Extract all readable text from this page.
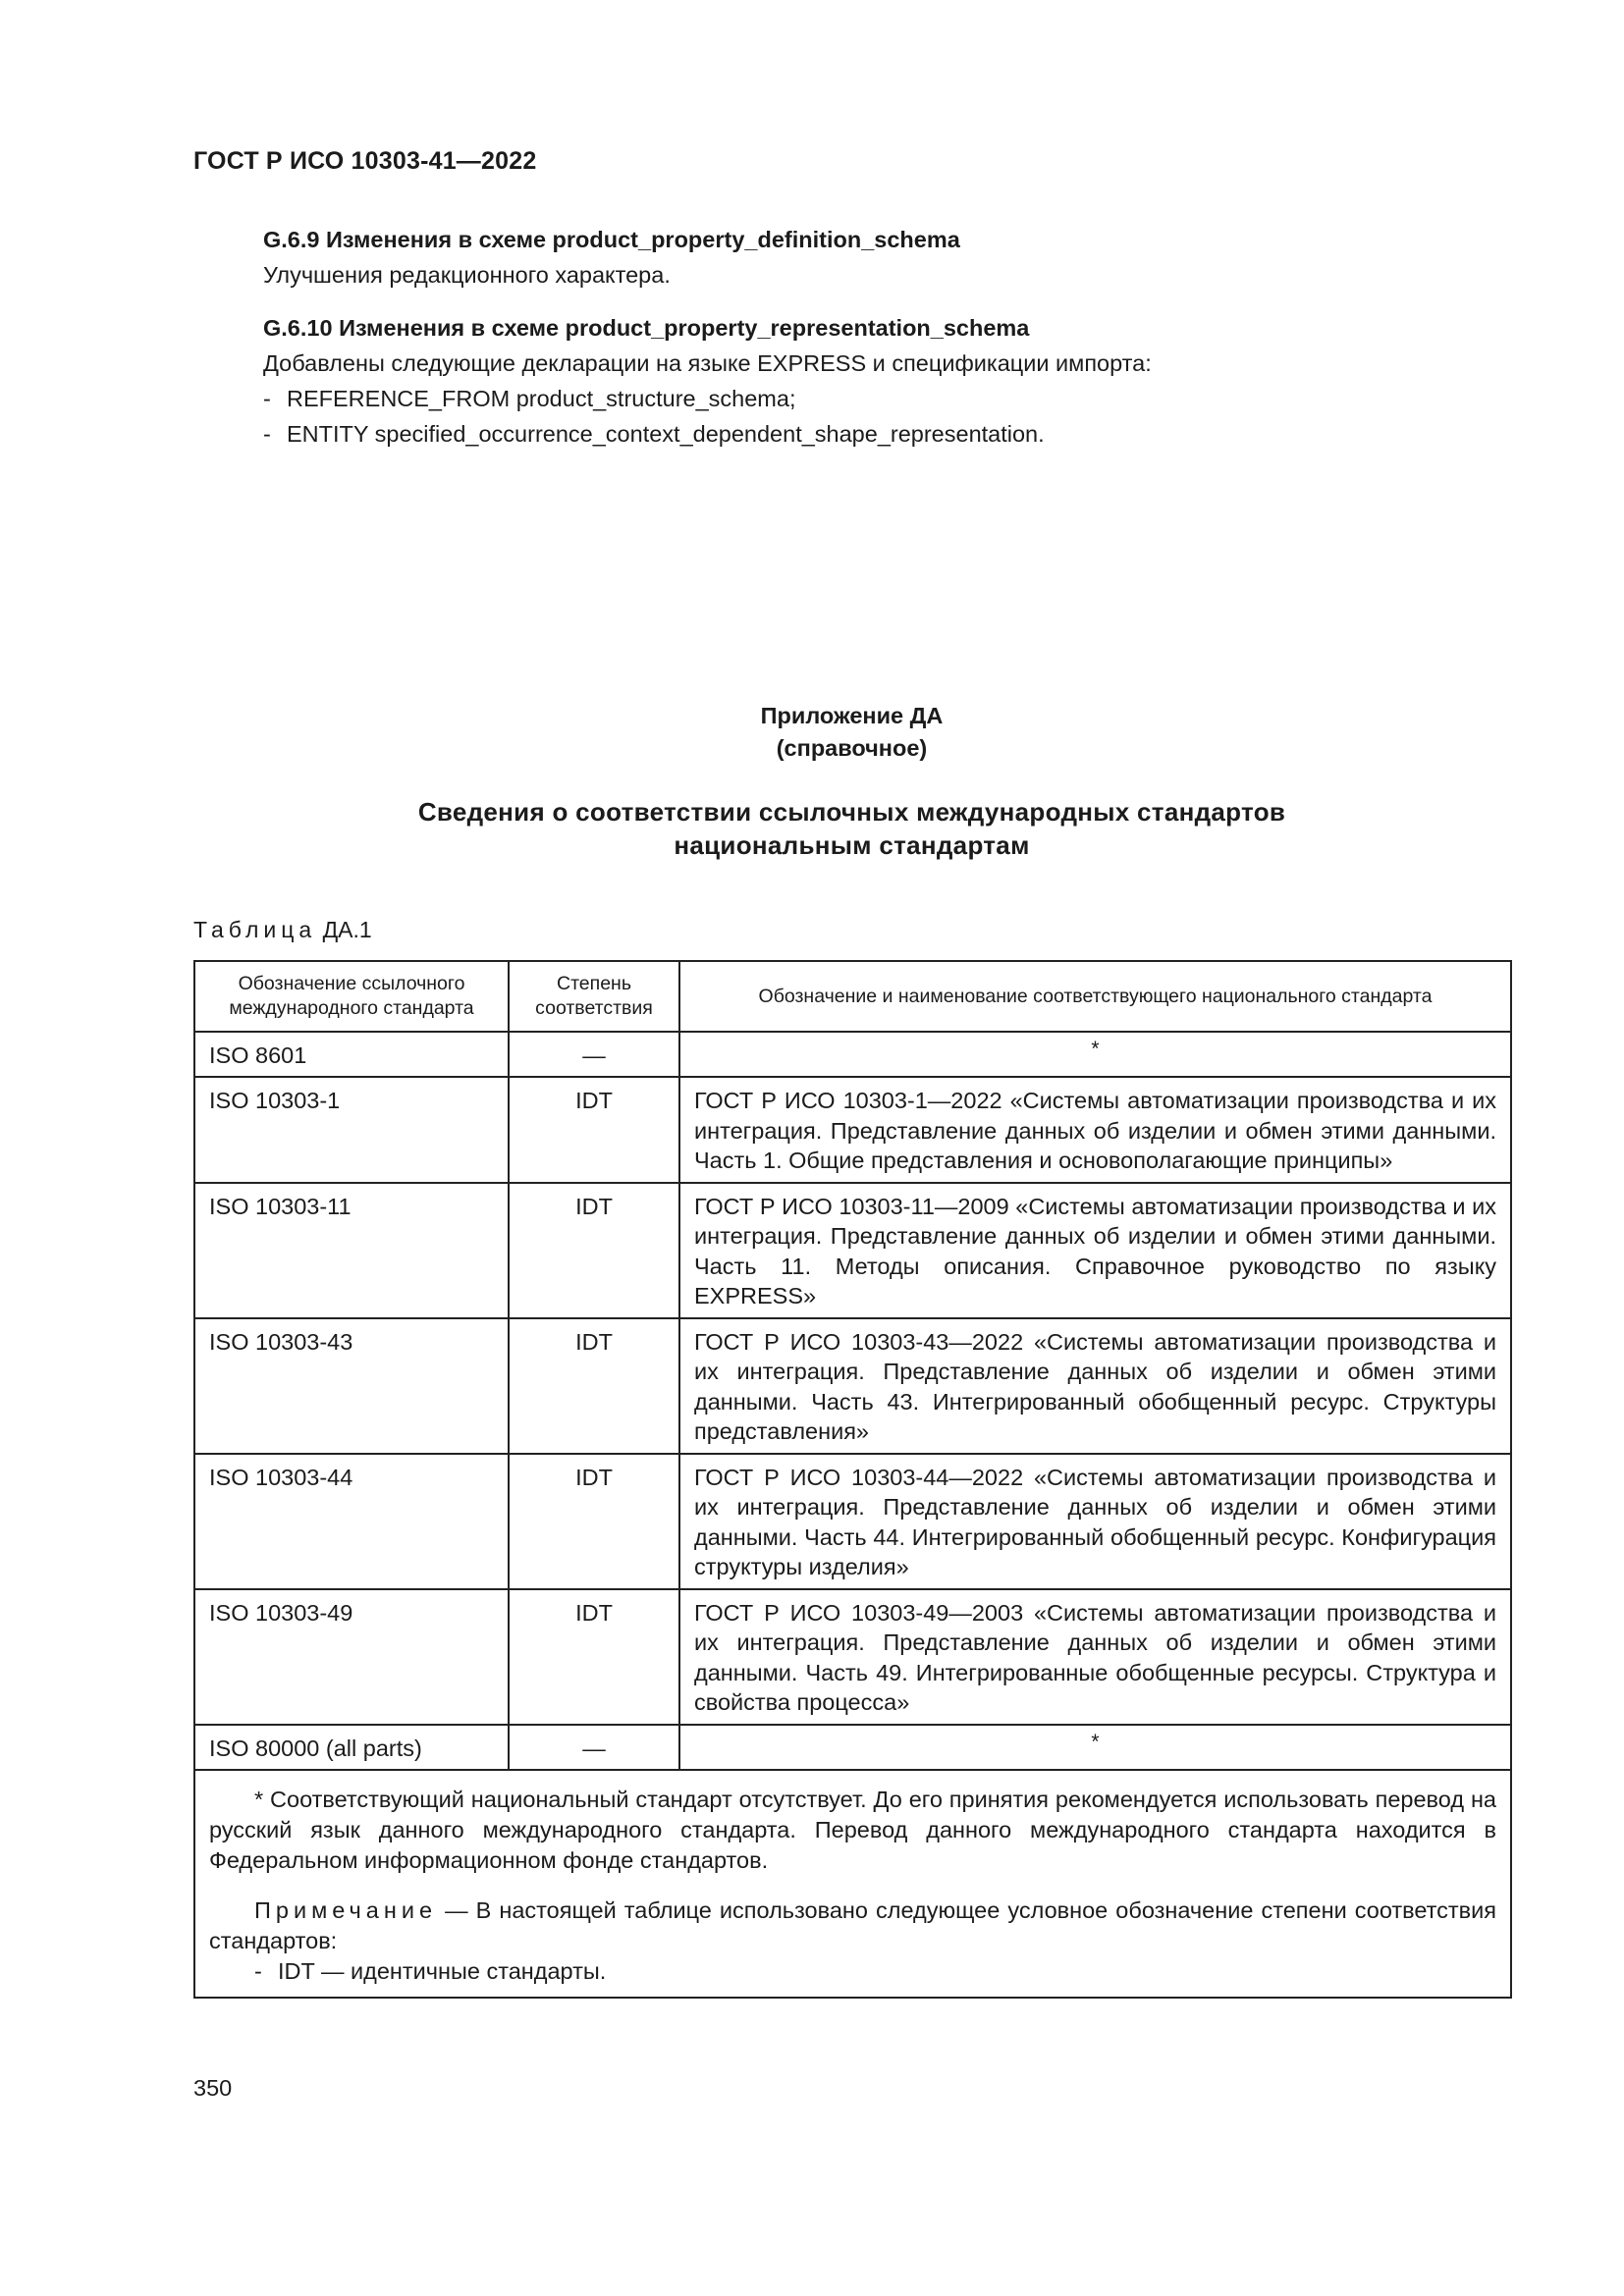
ГОСТ Р ИСО 10303-41—2022
G.6.9 Изменения в схеме product_property_definition_schema
Улучшения редакционного характера.
G.6.10 Изменения в схеме product_property_representation_schema
Добавлены следующие декларации на языке EXPRESS и спецификации импорта:
- REFERENCE_FROM product_structure_schema;
- ENTITY specified_occurrence_context_dependent_shape_representation.
Приложение ДА
(справочное)
Сведения о соответствии ссылочных международных стандартов
национальным стандартам
Таблица ДА.1
Обозначение ссылочного международного стандарта	Степень соответствия	Обозначение и наименование соответствующего национального стандарта
ISO 8601	—	*
ISO 10303-1	IDT	ГОСТ Р ИСО 10303-1—2022 «Системы автоматизации производства и их интеграция. Представление данных об изделии и обмен этими данными. Часть 1. Общие представления и основополагающие принципы»
ISO 10303-11	IDT	ГОСТ Р ИСО 10303-11—2009 «Системы автоматизации производства и их интеграция. Представление данных об изделии и обмен этими данными. Часть 11. Методы описания. Справочное руководство по языку EXPRESS»
ISO 10303-43	IDT	ГОСТ Р ИСО 10303-43—2022 «Системы автоматизации производства и их интеграция. Представление данных об изделии и обмен этими данными. Часть 43. Интегрированный обобщенный ресурс. Структуры представления»
ISO 10303-44	IDT	ГОСТ Р ИСО 10303-44—2022 «Системы автоматизации производства и их интеграция. Представление данных об изделии и обмен этими данными. Часть 44. Интегрированный обобщенный ресурс. Конфигурация структуры изделия»
ISO 10303-49	IDT	ГОСТ Р ИСО 10303-49—2003 «Системы автоматизации производства и их интеграция. Представление данных об изделии и обмен этими данными. Часть 49. Интегрированные обобщенные ресурсы. Структура и свойства процесса»
ISO 80000 (all parts)	—	*

* Соответствующий национальный стандарт отсутствует. До его принятия рекомендуется использовать перевод на русский язык данного международного стандарта. Перевод данного международного стандарта находится в Федеральном информационном фонде стандартов.

Примечание — В настоящей таблице использовано следующее условное обозначение степени соответствия стандартов:

- IDT — идентичные стандарты.		

350
